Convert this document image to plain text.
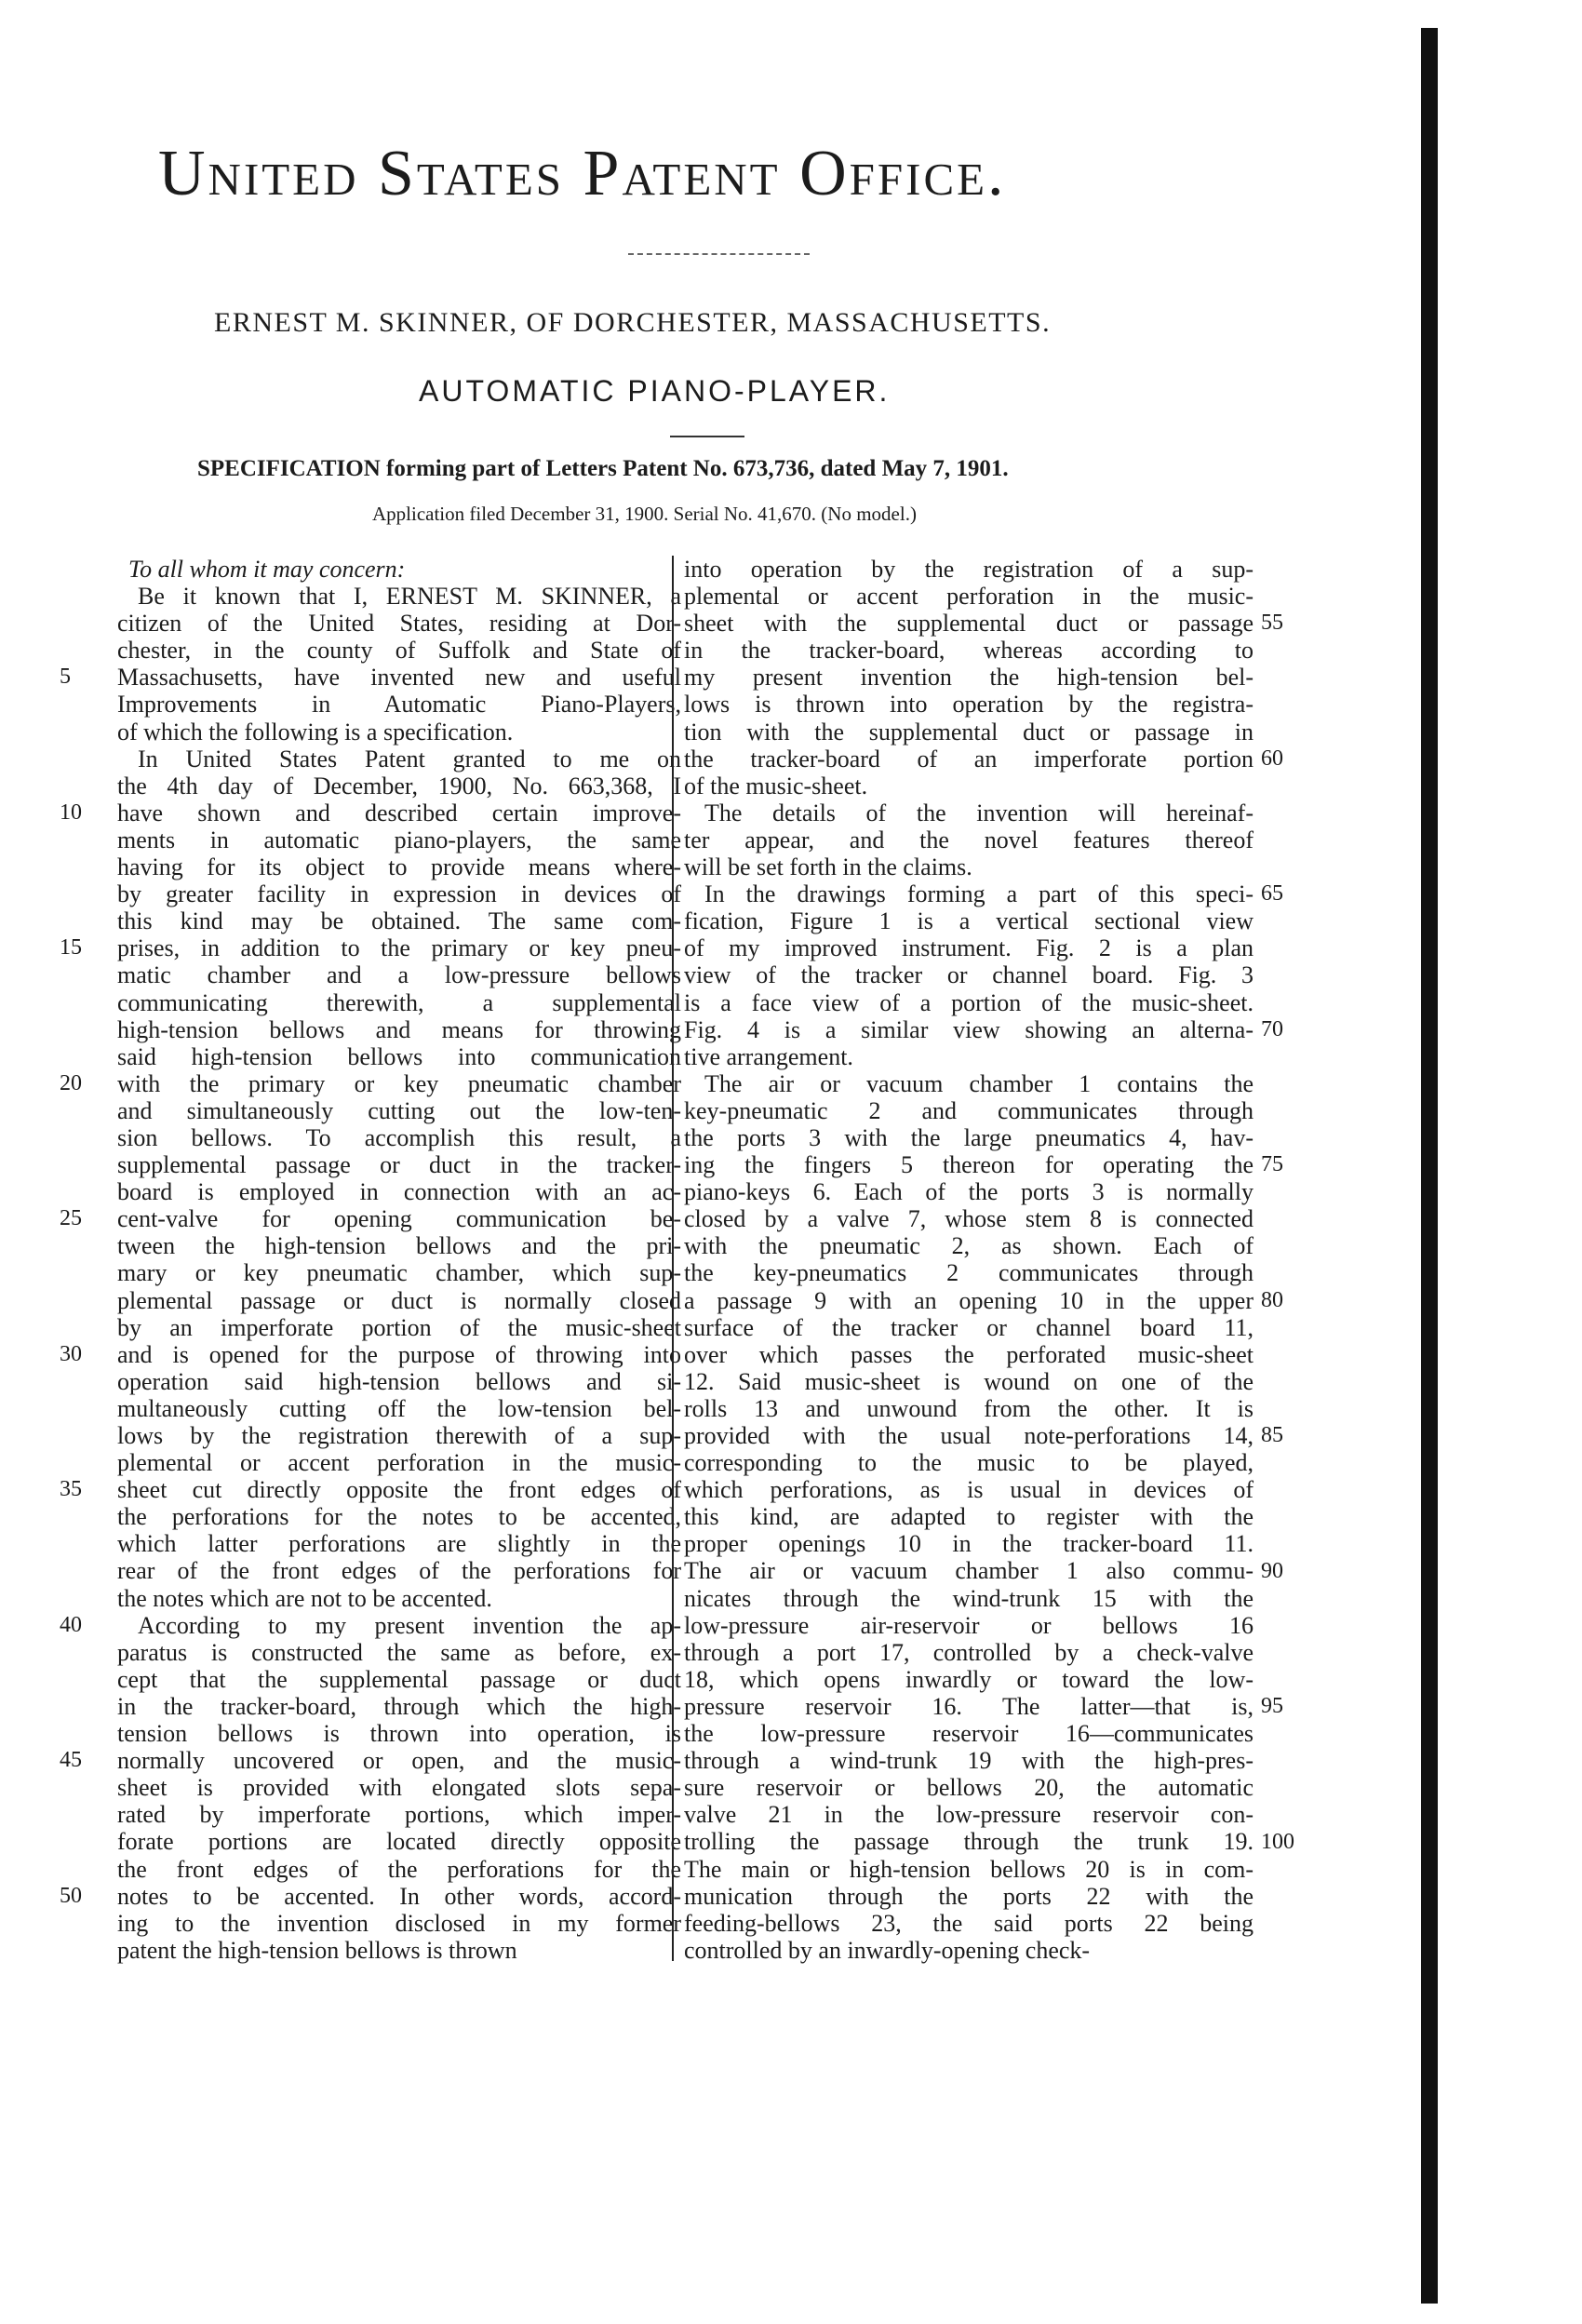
United States Patent Office.
ERNEST M. SKINNER, OF DORCHESTER, MASSACHUSETTS.
AUTOMATIC PIANO-PLAYER.
SPECIFICATION forming part of Letters Patent No. 673,736, dated May 7, 1901.
Application filed December 31, 1900. Serial No. 41,670. (No model.)
To all whom it may concern:
Be it known that I, ERNEST M. SKINNER, a
citizen of the United States, residing at Dor-
chester, in the county of Suffolk and State of
Massachusetts, have invented new and useful
Improvements in Automatic Piano-Players,
of which the following is a specification.
In United States Patent granted to me on
the 4th day of December, 1900, No. 663,368, I
have shown and described certain improve-
ments in automatic piano-players, the same
having for its object to provide means where-
by greater facility in expression in devices of
this kind may be obtained. The same com-
prises, in addition to the primary or key pneu-
matic chamber and a low-pressure bellows
communicating therewith, a supplemental
high-tension bellows and means for throwing
said high-tension bellows into communication
with the primary or key pneumatic chamber
and simultaneously cutting out the low-ten-
sion bellows. To accomplish this result, a
supplemental passage or duct in the tracker-
board is employed in connection with an ac-
cent-valve for opening communication be-
tween the high-tension bellows and the pri-
mary or key pneumatic chamber, which sup-
plemental passage or duct is normally closed
by an imperforate portion of the music-sheet
and is opened for the purpose of throwing into
operation said high-tension bellows and si-
multaneously cutting off the low-tension bel-
lows by the registration therewith of a sup-
plemental or accent perforation in the music-
sheet cut directly opposite the front edges of
the perforations for the notes to be accented,
which latter perforations are slightly in the
rear of the front edges of the perforations for
the notes which are not to be accented.
According to my present invention the ap-
paratus is constructed the same as before, ex-
cept that the supplemental passage or duct
in the tracker-board, through which the high-
tension bellows is thrown into operation, is
normally uncovered or open, and the music-
sheet is provided with elongated slots sepa-
rated by imperforate portions, which imper-
forate portions are located directly opposite
the front edges of the perforations for the
notes to be accented. In other words, accord-
ing to the invention disclosed in my former
patent the high-tension bellows is thrown
into operation by the registration of a sup-
plemental or accent perforation in the music-
sheet with the supplemental duct or passage
in the tracker-board, whereas according to
my present invention the high-tension bel-
lows is thrown into operation by the registra-
tion with the supplemental duct or passage in
the tracker-board of an imperforate portion
of the music-sheet.
The details of the invention will hereinaf-
ter appear, and the novel features thereof
will be set forth in the claims.
In the drawings forming a part of this speci-
fication, Figure 1 is a vertical sectional view
of my improved instrument. Fig. 2 is a plan
view of the tracker or channel board. Fig. 3
is a face view of a portion of the music-sheet.
Fig. 4 is a similar view showing an alterna-
tive arrangement.
The air or vacuum chamber 1 contains the
key-pneumatic 2 and communicates through
the ports 3 with the large pneumatics 4, hav-
ing the fingers 5 thereon for operating the
piano-keys 6. Each of the ports 3 is normally
closed by a valve 7, whose stem 8 is connected
with the pneumatic 2, as shown. Each of
the key-pneumatics 2 communicates through
a passage 9 with an opening 10 in the upper
surface of the tracker or channel board 11,
over which passes the perforated music-sheet
12. Said music-sheet is wound on one of the
rolls 13 and unwound from the other. It is
provided with the usual note-perforations 14,
corresponding to the music to be played,
which perforations, as is usual in devices of
this kind, are adapted to register with the
proper openings 10 in the tracker-board 11.
The air or vacuum chamber 1 also commu-
nicates through the wind-trunk 15 with the
low-pressure air-reservoir or bellows 16
through a port 17, controlled by a check-valve
18, which opens inwardly or toward the low-
pressure reservoir 16. The latter—that is,
the low-pressure reservoir 16—communicates
through a wind-trunk 19 with the high-pres-
sure reservoir or bellows 20, the automatic
valve 21 in the low-pressure reservoir con-
trolling the passage through the trunk 19.
The main or high-tension bellows 20 is in com-
munication through the ports 22 with the
feeding-bellows 23, the said ports 22 being
controlled by an inwardly-opening check-
5
10
15
20
25
30
35
40
45
50
55
60
65
70
75
80
85
90
95
100
